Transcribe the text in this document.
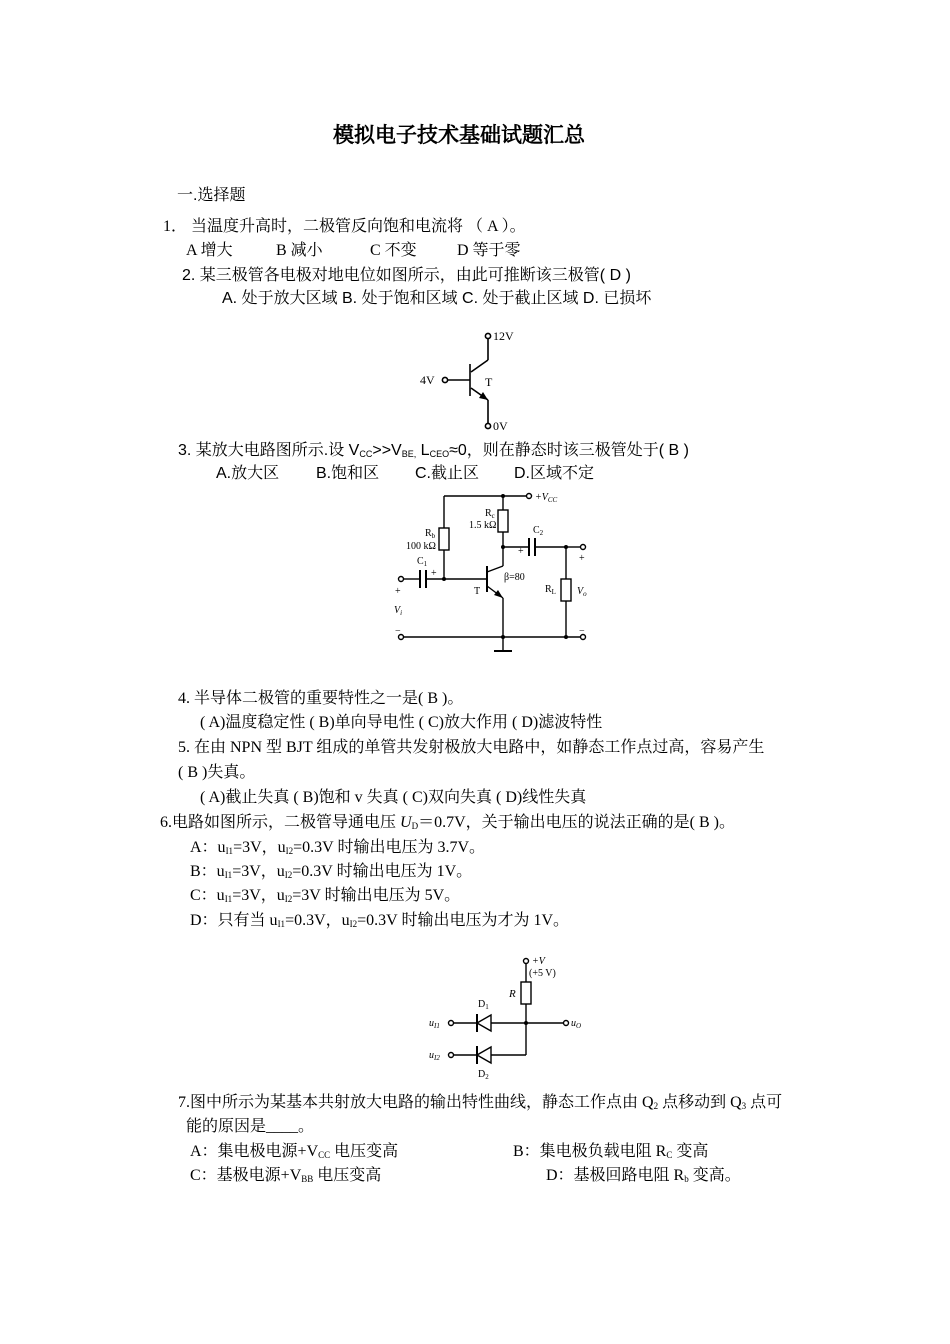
模拟电子技术基础试题汇总
一.选择题
1． 当温度升高时，二极管反向饱和电流将 （ A ）。
A 增大	B 减小	C 不变	D 等于零
2. 某三极管各电极对地电位如图所示，由此可推断该三极管( D )
A. 处于放大区域 B. 处于饱和区域 C. 处于截止区域 D. 已损坏
12V
4V	T
0V
3. 某放大电路图所示.设 $V_{CC}>>V_{BE,}$ $L_{CEO}\approx 0$，则在静态时该三极管处于( B )
A.放大区 B.饱和区 C.截止区 D.区域不定
$+V_{CC}$
$R_b$
100 kΩ
$R_c$
1.5 kΩ	$C_2$
$C_1$
+
+
β=80
T	$R_L$ $V_o$
+
−
+
$V_i$
−
4. 半导体二极管的重要特性之一是( B )。
( A)温度稳定性 ( B)单向导电性 ( C)放大作用 ( D)滤波特性
5. 在由 NPN 型 BJT 组成的单管共发射极放大电路中，如静态工作点过高，容易产生
( B )失真。
( A)截止失真 ( B)饱和 v 失真 ( C)双向失真 ( D)线性失真
6.电路如图所示，二极管导通电压 $U_D=0.7V$，关于输出电压的说法正确的是( B )。
A：$u_{I1}=3V$，$u_{I2}=0.3V$ 时输出电压为 3.7V。
B：$u_{I1}=3V$，$u_{I2}=0.3V$ 时输出电压为 1V。
C：$u_{I1}=3V$，$u_{I2}=3V$ 时输出电压为 5V。
D：只有当 $u_{I1}=0.3V$，$u_{I2}=0.3V$ 时输出电压为才为 1V。
+V
(+5 V)
R
$D_1$
$D_2$
$u_{I1}$
$u_{I2}$
$u_O$
7.图中所示为某基本共射放大电路的输出特性曲线，静态工作点由 $Q_2$ 点移动到 $Q_3$ 点可
能的原因是____。
A：集电极电源$+V_{CC}$ 电压变高	B：集电极负载电阻 $R_C$ 变高
C：基极电源$+V_{BB}$ 电压变高	D：基极回路电阻 $R_b$ 变高。
